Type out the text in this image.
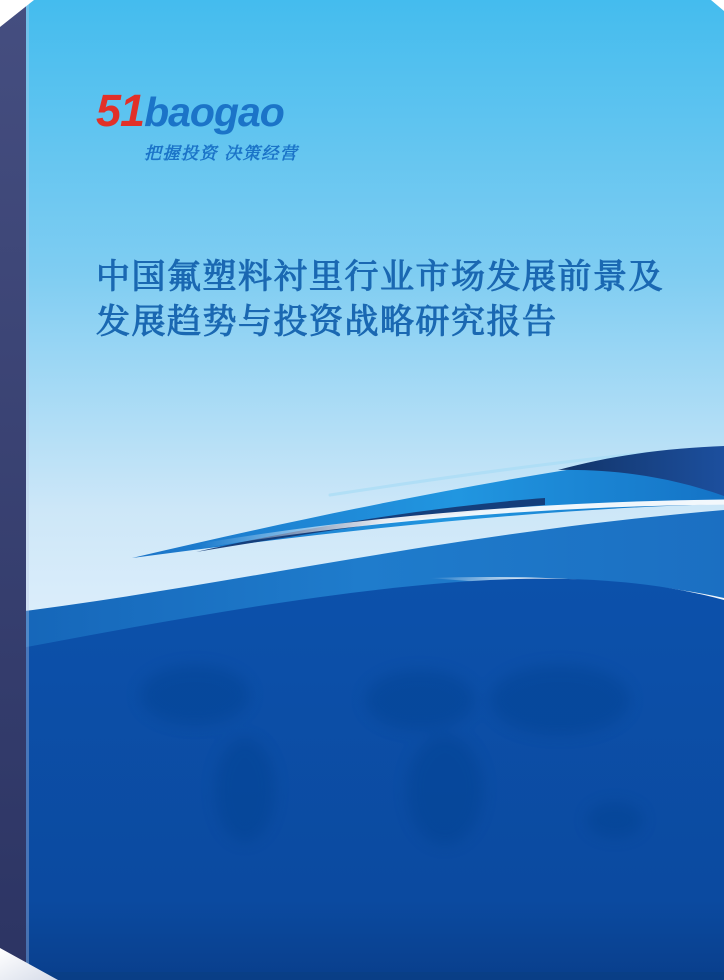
51baogao
把握投资 决策经营
中国氟塑料衬里行业市场发展前景及
发展趋势与投资战略研究报告
